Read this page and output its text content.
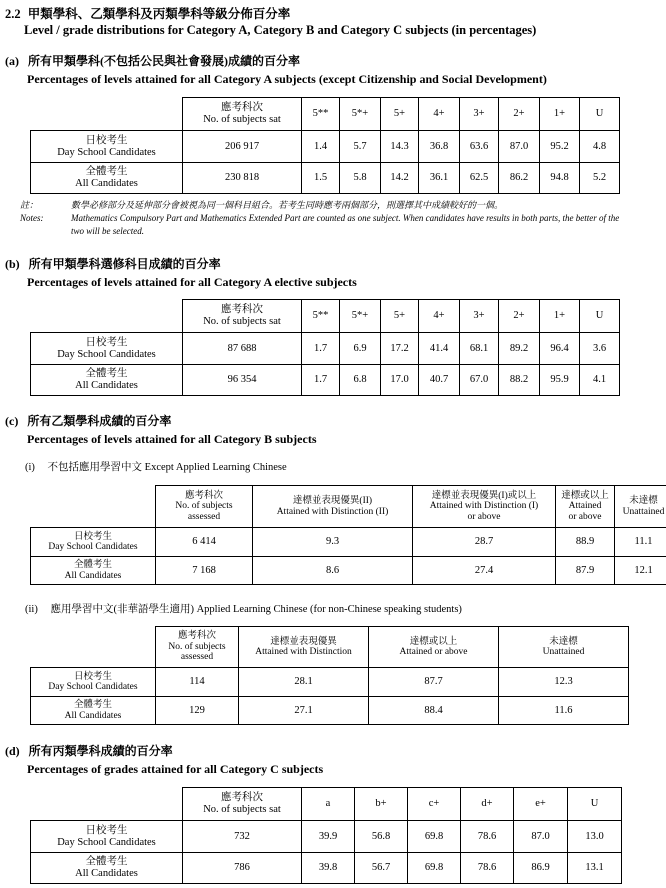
2.2 甲類學科、乙類學科及丙類學科等級分佈百分率
Level / grade distributions for Category A, Category B and Category C subjects (in percentages)
(a) 所有甲類學科(不包括公民與社會發展)成績的百分率
Percentages of levels attained for all Category A subjects (except Citizenship and Social Development)
	應考科次
No. of subjects sat	5**	5*+	5+	4+	3+	2+	1+	U
日校考生
Day School Candidates	206 917	1.4	5.7	14.3	36.8	63.6	87.0	95.2	4.8
全體考生
All Candidates	230 818	1.5	5.8	14.2	36.1	62.5	86.2	94.8	5.2
註：	數學必修部分及延伸部分會被視為同一個科目組合。若考生同時應考兩個部分，則選擇其中成績較好的一個。
Notes:	Mathematics Compulsory Part and Mathematics Extended Part are counted as one subject. When candidates have results in both parts, the better of the two will be selected.
(b) 所有甲類學科選修科目成績的百分率
Percentages of levels attained for all Category A elective subjects
	應考科次
No. of subjects sat	5**	5*+	5+	4+	3+	2+	1+	U
日校考生
Day School Candidates	87 688	1.7	6.9	17.2	41.4	68.1	89.2	96.4	3.6
全體考生
All Candidates	96 354	1.7	6.8	17.0	40.7	67.0	88.2	95.9	4.1
(c) 所有乙類學科成績的百分率
Percentages of levels attained for all Category B subjects
(i) 不包括應用學習中文 Except Applied Learning Chinese
	應考科次
No. of subjects
assessed	達標並表現優異(II)
Attained with Distinction (II)	達標並表現優異(I)或以上
Attained with Distinction (I)
or above	達標或以上
Attained
or above	未達標
Unattained
日校考生
Day School Candidates	6 414	9.3	28.7	88.9	11.1
全體考生
All Candidates	7 168	8.6	27.4	87.9	12.1
(ii) 應用學習中文(非華語學生適用) Applied Learning Chinese (for non-Chinese speaking students)
	應考科次
No. of subjects
assessed	達標並表現優異
Attained with Distinction	達標或以上
Attained or above	未達標
Unattained
日校考生
Day School Candidates	114	28.1	87.7	12.3
全體考生
All Candidates	129	27.1	88.4	11.6
(d) 所有丙類學科成績的百分率
Percentages of grades attained for all Category C subjects
	應考科次
No. of subjects sat	a	b+	c+	d+	e+	U
日校考生
Day School Candidates	732	39.9	56.8	69.8	78.6	87.0	13.0
全體考生
All Candidates	786	39.8	56.7	69.8	78.6	86.9	13.1
